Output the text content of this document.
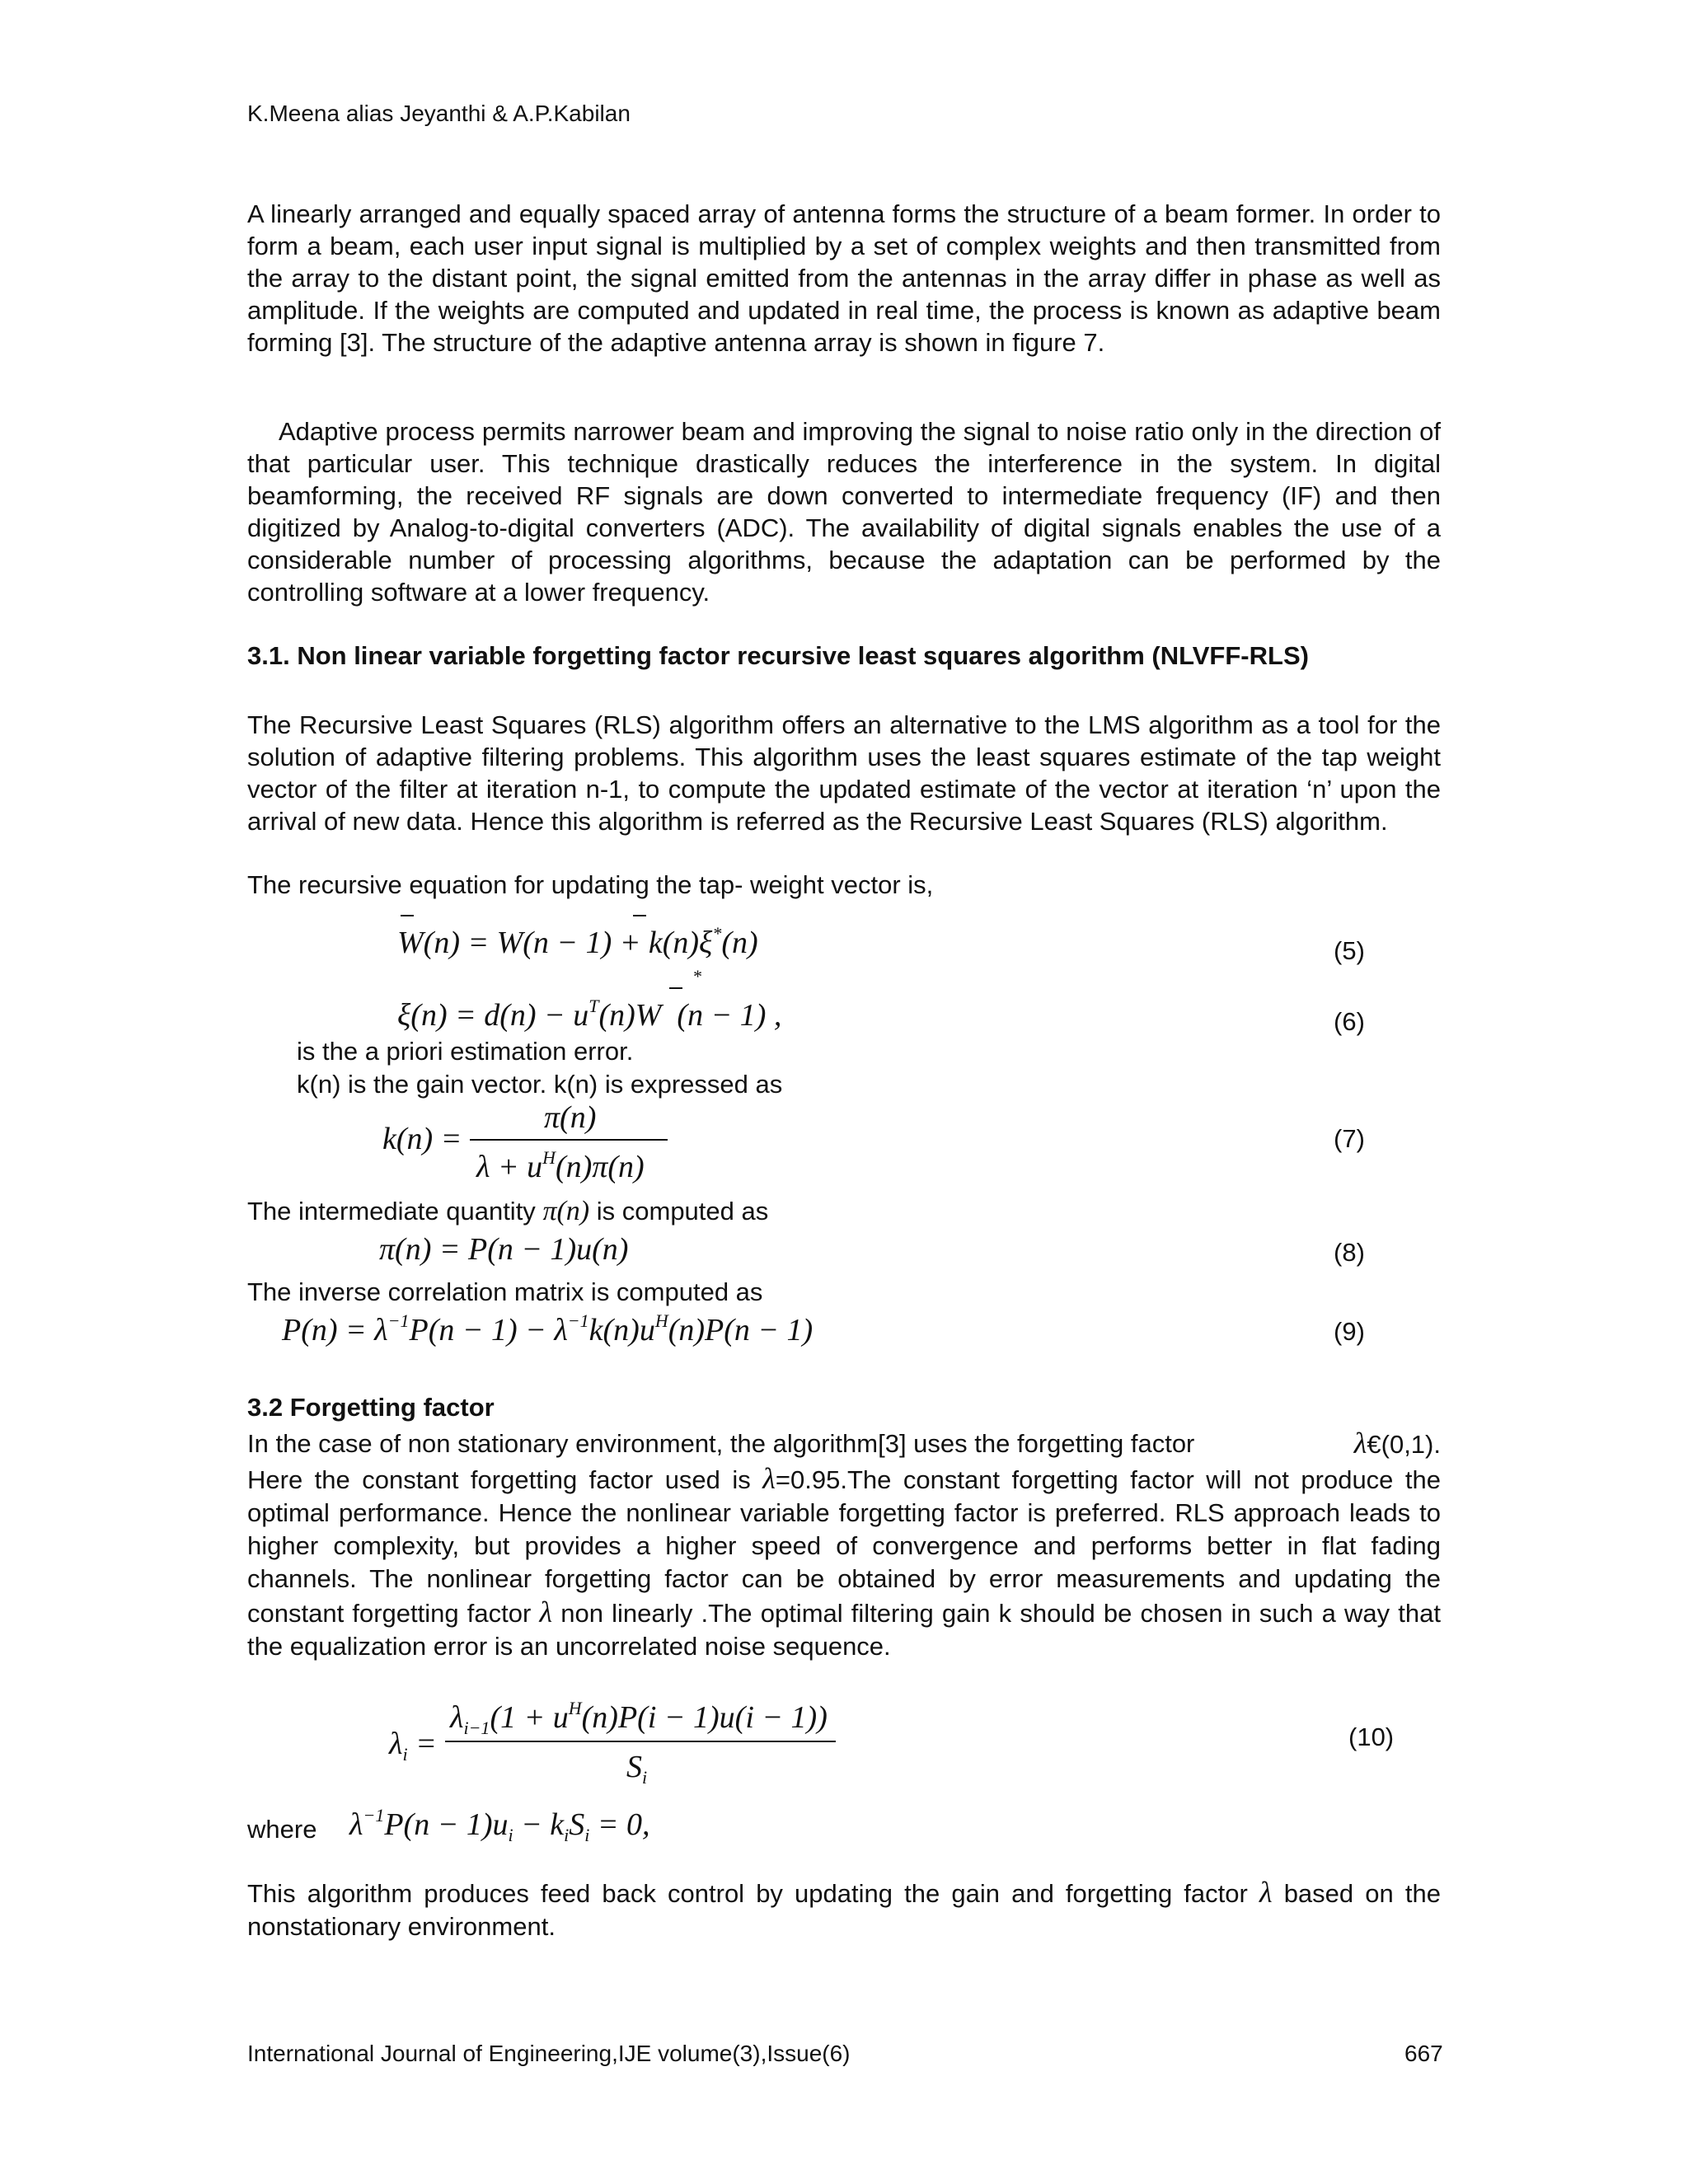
K.Meena alias Jeyanthi & A.P.Kabilan

A linearly arranged and equally spaced array of antenna forms the structure of a beam former. In order to form a beam, each user input signal is multiplied by a set of complex weights and then transmitted from the array to the distant point, the signal emitted from the antennas in the array differ in phase as well as amplitude. If the weights are computed and updated in real time, the process is known as adaptive beam forming [3]. The structure of the adaptive antenna array is shown in figure 7.

Adaptive process permits narrower beam and improving the signal to noise ratio only in the direction of that particular user. This technique drastically reduces the interference in the system. In digital beamforming, the received RF signals are down converted to intermediate frequency (IF) and then digitized by Analog-to-digital converters (ADC). The availability of digital signals enables the use of a considerable number of processing algorithms, because the adaptation can be performed by the controlling software at a lower frequency.

3.1. Non linear variable forgetting factor recursive least squares algorithm (NLVFF-RLS)

The Recursive Least Squares (RLS) algorithm offers an alternative to the LMS algorithm as a tool for the solution of adaptive filtering problems. This algorithm uses the least squares estimate of the tap weight vector of the filter at iteration n-1, to compute the updated estimate of the vector at iteration ‘n’ upon the arrival of new data. Hence this algorithm is referred as the Recursive Least Squares (RLS) algorithm.

The recursive equation for updating the tap- weight vector is,
W(n) = W(n − 1) + k(n)ξ*(n)	(5)
$\xi(n) = d(n) - u^T(n)W$  (n − 1) ,
*
(6)
is the a priori estimation error.
k(n) is the gain vector. k(n) is expressed as
k(n) =
π(n)
$\lambda + u^H(n)\pi(n)$
(7)
The intermediate quantity π(n) is computed as
π(n) = P(n − 1)u(n)	(8)
The inverse correlation matrix is computed as
$P(n) = \lambda^{-1}P(n - 1) - \lambda^{-1}k(n)u^H(n)P(n - 1)$	(9)
3.2 Forgetting factor
In the case of non stationary environment, the algorithm[3] uses the forgetting factor	λ€(0,1).
Here the constant forgetting factor used is λ=0.95.The constant forgetting factor will not produce the optimal performance. Hence the nonlinear variable forgetting factor is preferred. RLS approach leads to higher complexity, but provides a higher speed of convergence and performs better in flat fading channels. The nonlinear forgetting factor can be obtained by error measurements and updating the constant forgetting factor λ non linearly .The optimal filtering gain k should be chosen in such a way that the equalization error is an uncorrelated noise sequence.
$\lambda_i$ =
$\lambda_{i-1}(1 + u^H(n)P(i - 1)u(i - 1))$
$S_i$
(10)
where $\lambda^{-1}P(n - 1)u_i - k_iS_i = 0$,
This algorithm produces feed back control by updating the gain and forgetting factor λ based on the nonstationary environment.
International Journal of Engineering,IJE volume(3),Issue(6)	667
